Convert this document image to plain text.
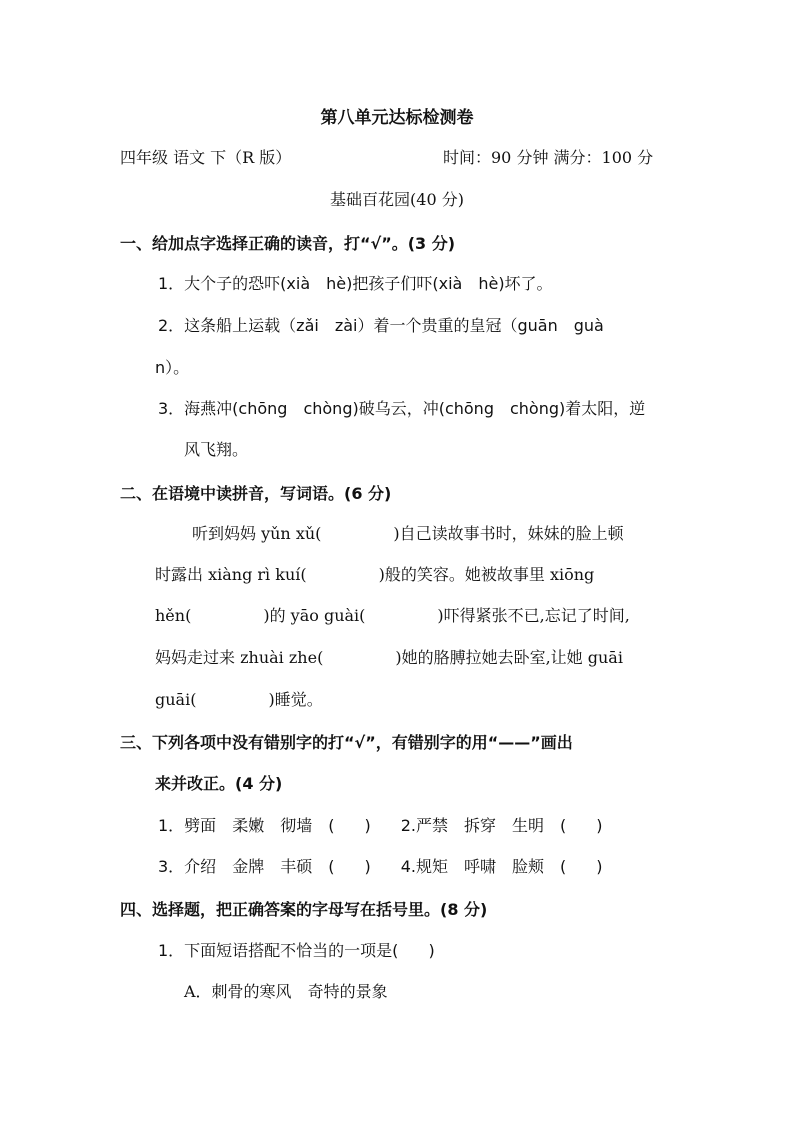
第八单元达标检测卷
四年级 语文 下（R 版）	时间：90 分钟 满分：100 分
基础百花园(40 分)
一、给加点字选择正确的读音，打“√”。(3 分)
1．大个子的恐吓(xià　hè)把孩子们吓(xià　hè)坏了。
2．这条船上运载（zǎi　zài）着一个贵重的皇冠（guān　guà
n）。
3．海燕冲(chōng　chòng)破乌云，冲(chōng　chòng)着太阳，逆
风飞翔。
二、在语境中读拼音，写词语。(6 分)
听到妈妈 yǔn xǔ(	)自己读故事书时，妹妹的脸上顿
时露出 xiàng rì kuí(	)般的笑容。她被故事里 xiōng
hěn(	)的 yāo guài(	)吓得紧张不已,忘记了时间,
妈妈走过来 zhuài zhe(	)她的胳膊拉她去卧室,让她 guāi
guāi(	)睡觉。
三、下列各项中没有错别字的打“√”，有错别字的用“——”画出
来并改正。(4 分)
1．劈面 柔嫩 彻墙 ( ) 2.严禁 拆穿 生明 ( )
3．介绍 金牌 丰硕 ( ) 4.规矩 呼啸 脸颊 ( )
四、选择题，把正确答案的字母写在括号里。(8 分)
1．下面短语搭配不恰当的一项是( )
A．刺骨的寒风 奇特的景象
